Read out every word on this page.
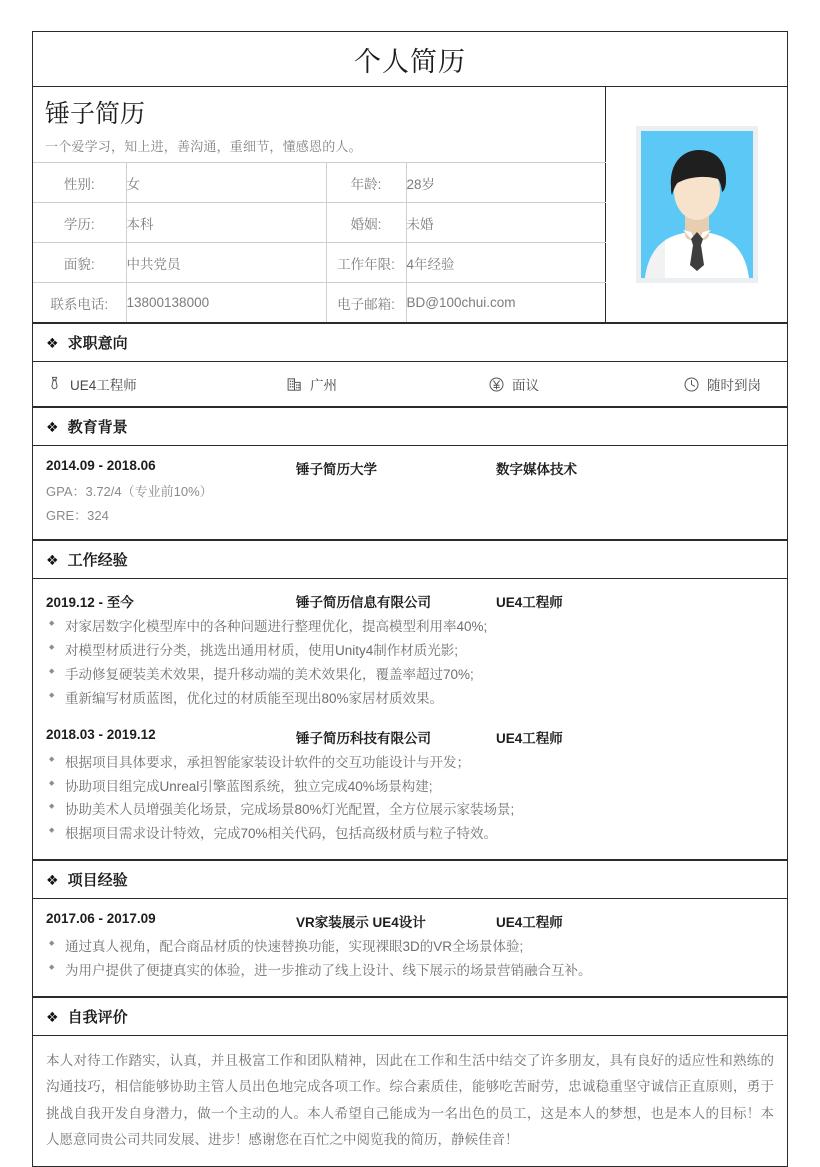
个人简历
锤子简历
一个爱学习，知上进，善沟通，重细节，懂感恩的人。
性别:	女	年龄:	28岁
学历:	本科	婚姻:	未婚
面貌:	中共党员	工作年限:	4年经验
联系电话:	13800138000	电子邮箱:	BD@100chui.com
❖ 求职意向
UE4工程师	广州	面议	随时到岗
❖ 教育背景
2014.09 - 2018.06	锤子简历大学	数字媒体技术
GPA：3.72/4（专业前10%）
GRE：324
❖ 工作经验
2019.12 - 至今	锤子简历信息有限公司	UE4工程师
◆ 对家居数字化模型库中的各种问题进行整理优化，提高模型利用率40%;
◆ 对模型材质进行分类，挑选出通用材质，使用Unity4制作材质光影;
◆ 手动修复硬装美术效果，提升移动端的美术效果化，覆盖率超过70%;
◆ 重新编写材质蓝图，优化过的材质能至现出80%家居材质效果。
2018.03 - 2019.12	锤子简历科技有限公司	UE4工程师
◆ 根据项目具体要求，承担智能家装设计软件的交互功能设计与开发；
◆ 协助项目组完成Unreal引擎蓝图系统，独立完成40%场景构建;
◆ 协助美术人员增强美化场景，完成场景80%灯光配置，全方位展示家装场景;
◆ 根据项目需求设计特效，完成70%相关代码，包括高级材质与粒子特效。
❖ 项目经验
2017.06 - 2017.09	VR家装展示 UE4设计	UE4工程师
◆ 通过真人视角，配合商品材质的快速替换功能，实现裸眼3D的VR全场景体验;
◆ 为用户提供了便捷真实的体验，进一步推动了线上设计、线下展示的场景营销融合互补。
❖ 自我评价
本人对待工作踏实，认真，并且极富工作和团队精神，因此在工作和生活中结交了许多朋友，具有良好的适应性和熟练的沟通技巧，相信能够协助主管人员出色地完成各项工作。综合素质佳，能够吃苦耐劳，忠诚稳重坚守诚信正直原则，勇于挑战自我开发自身潜力，做一个主动的人。本人希望自己能成为一名出色的员工，这是本人的梦想，也是本人的目标！本人愿意同贵公司共同发展、进步！感谢您在百忙之中阅览我的简历，静候佳音！
